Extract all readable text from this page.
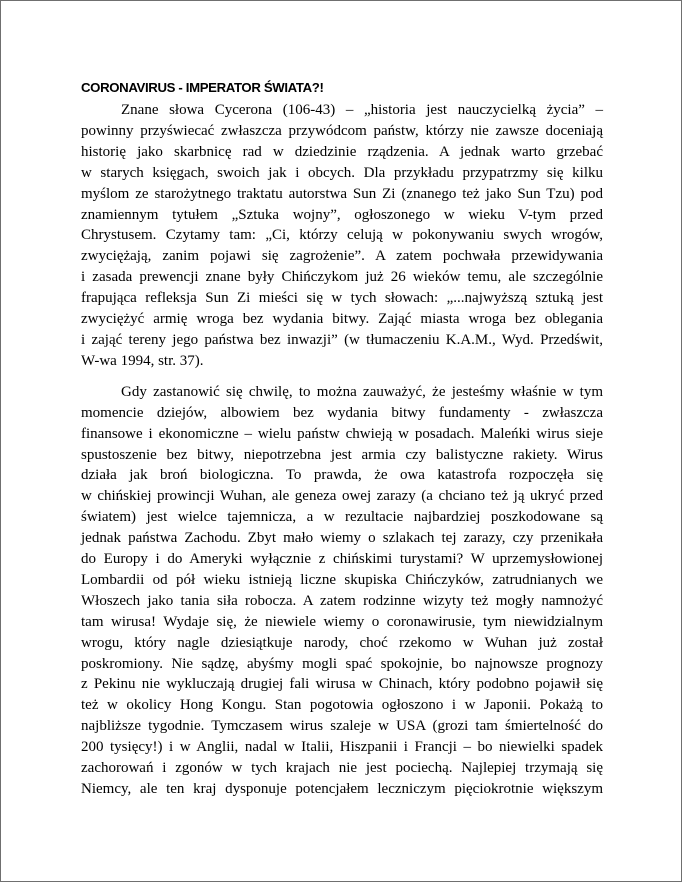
CORONAVIRUS - IMPERATOR ŚWIATA?!

Znane słowa Cycerona (106-43) – „historia jest nauczycielką życia” –
powinny przyświecać zwłaszcza przywódcom państw, którzy nie zawsze doceniają
historię jako skarbnicę rad w dziedzinie rządzenia. A jednak warto grzebać
w starych księgach, swoich jak i obcych. Dla przykładu przypatrzmy się kilku
myślom ze starożytnego traktatu autorstwa Sun Zi (znanego też jako Sun Tzu) pod
znamiennym tytułem „Sztuka wojny”, ogłoszonego w wieku V-tym przed
Chrystusem. Czytamy tam: „Ci, którzy celują w pokonywaniu swych wrogów,
zwyciężają, zanim pojawi się zagrożenie”. A zatem pochwała przewidywania
i zasada prewencji znane były Chińczykom już 26 wieków temu, ale szczególnie
frapująca refleksja Sun Zi mieści się w tych słowach: „...najwyższą sztuką jest
zwyciężyć armię wroga bez wydania bitwy. Zająć miasta wroga bez oblegania
i zająć tereny jego państwa bez inwazji” (w tłumaczeniu K.A.M., Wyd. Przedświt,
W-wa 1994, str. 37).

Gdy zastanowić się chwilę, to można zauważyć, że jesteśmy właśnie w tym
momencie dziejów, albowiem bez wydania bitwy fundamenty - zwłaszcza
finansowe i ekonomiczne – wielu państw chwieją w posadach. Maleńki wirus sieje
spustoszenie bez bitwy, niepotrzebna jest armia czy balistyczne rakiety. Wirus
działa jak broń biologiczna. To prawda, że owa katastrofa rozpoczęła się
w chińskiej prowincji Wuhan, ale geneza owej zarazy (a chciano też ją ukryć przed
światem) jest wielce tajemnicza, a w rezultacie najbardziej poszkodowane są
jednak państwa Zachodu. Zbyt mało wiemy o szlakach tej zarazy, czy przenikała
do Europy i do Ameryki wyłącznie z chińskimi turystami? W uprzemysłowionej
Lombardii od pół wieku istnieją liczne skupiska Chińczyków, zatrudnianych we
Włoszech jako tania siła robocza. A zatem rodzinne wizyty też mogły namnożyć
tam wirusa! Wydaje się, że niewiele wiemy o coronawirusie, tym niewidzialnym
wrogu, który nagle dziesiątkuje narody, choć rzekomo w Wuhan już został
poskromiony. Nie sądzę, abyśmy mogli spać spokojnie, bo najnowsze prognozy
z Pekinu nie wykluczają drugiej fali wirusa w Chinach, który podobno pojawił się
też w okolicy Hong Kongu. Stan pogotowia ogłoszono i w Japonii. Pokażą to
najbliższe tygodnie. Tymczasem wirus szaleje w USA (grozi tam śmiertelność do
200 tysięcy!) i w Anglii, nadal w Italii, Hiszpanii i Francji – bo niewielki spadek
zachorowań i zgonów w tych krajach nie jest pociechą. Najlepiej trzymają się
Niemcy, ale ten kraj dysponuje potencjałem leczniczym pięciokrotnie większym
